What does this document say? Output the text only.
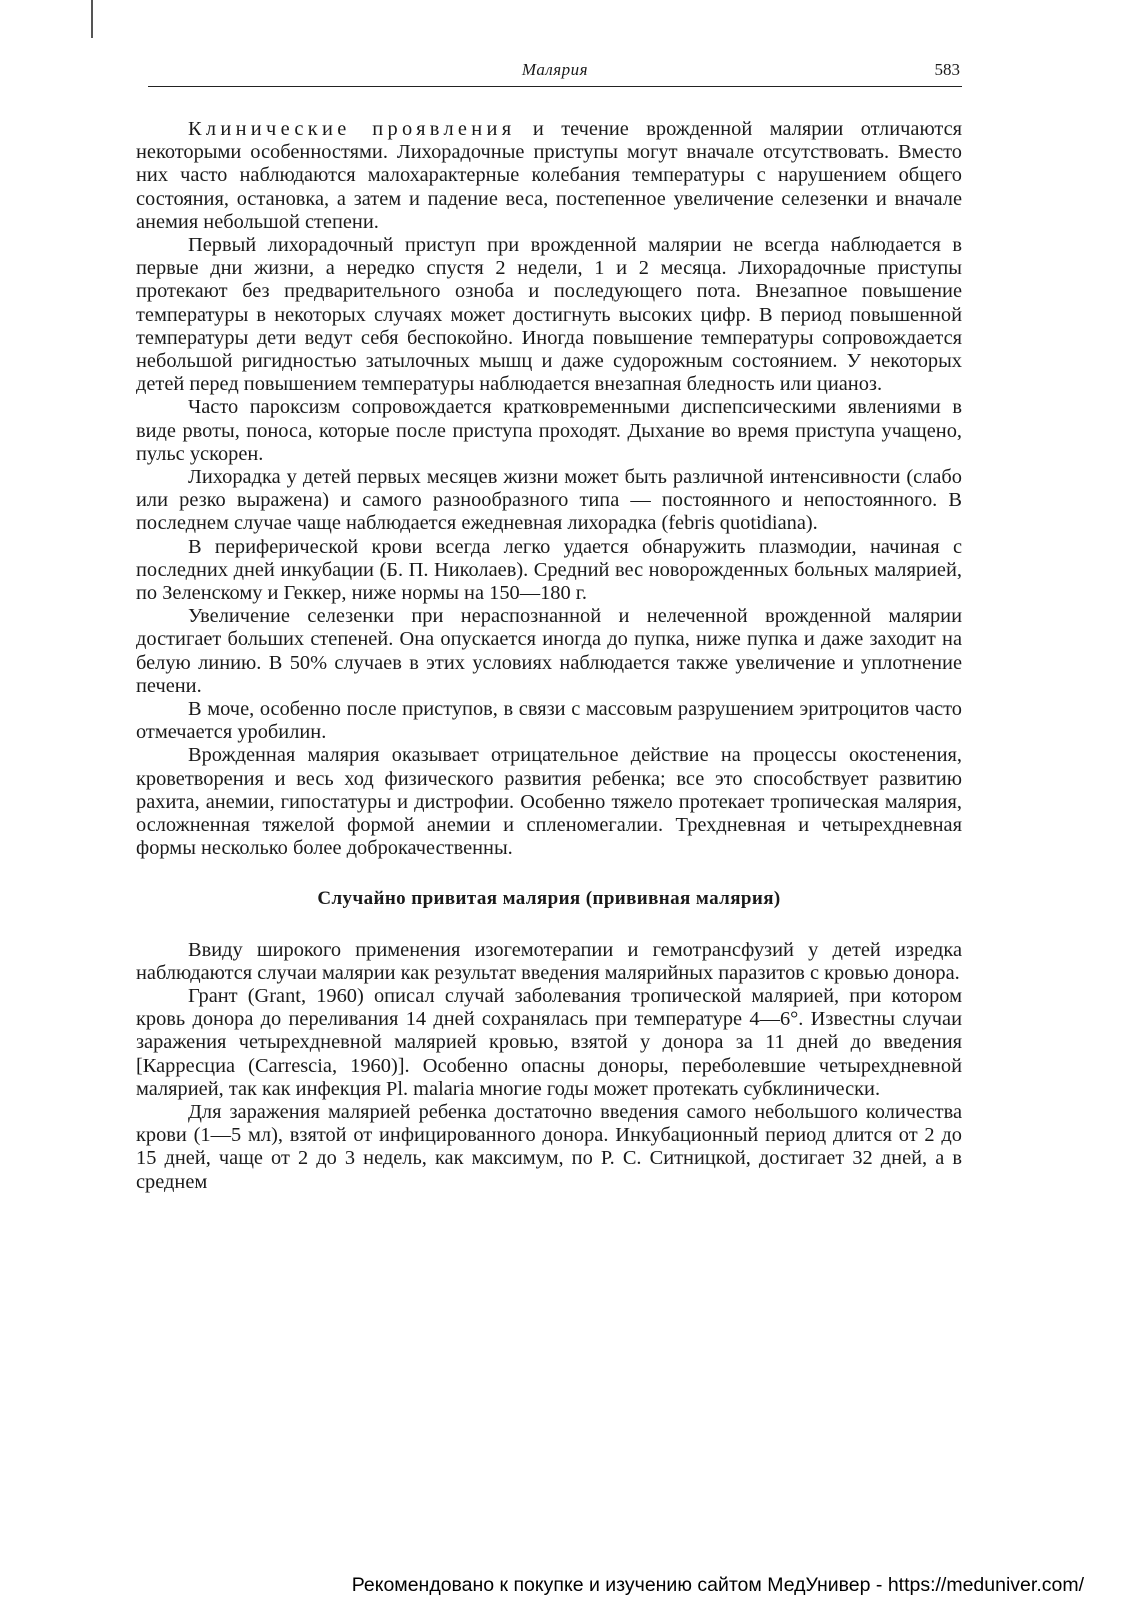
Малярия	583

Клинические проявления и течение врожденной малярии отличаются некоторыми особенностями. Лихорадочные приступы могут вначале отсутствовать. Вместо них часто наблюдаются малохарактерные колебания температуры с нарушением общего состояния, остановка, а затем и падение веса, постепенное увеличение селезенки и вначале анемия небольшой степени.

Первый лихорадочный приступ при врожденной малярии не всегда наблюдается в первые дни жизни, а нередко спустя 2 недели, 1 и 2 месяца. Лихорадочные приступы протекают без предварительного озноба и последующего пота. Внезапное повышение температуры в некоторых случаях может достигнуть высоких цифр. В период повышенной температуры дети ведут себя беспокойно. Иногда повышение температуры сопровождается небольшой ригидностью затылочных мышц и даже судорожным состоянием. У некоторых детей перед повышением температуры наблюдается внезапная бледность или цианоз.

Часто пароксизм сопровождается кратковременными диспепсическими явлениями в виде рвоты, поноса, которые после приступа проходят. Дыхание во время приступа учащено, пульс ускорен.

Лихорадка у детей первых месяцев жизни может быть различной интенсивности (слабо или резко выражена) и самого разнообразного типа — постоянного и непостоянного. В последнем случае чаще наблюдается ежедневная лихорадка (febris quotidiana).

В периферической крови всегда легко удается обнаружить плазмодии, начиная с последних дней инкубации (Б. П. Николаев). Средний вес новорожденных больных малярией, по Зеленскому и Геккер, ниже нормы на 150—180 г.

Увеличение селезенки при нераспознанной и нелеченной врожденной малярии достигает больших степеней. Она опускается иногда до пупка, ниже пупка и даже заходит на белую линию. В 50% случаев в этих условиях наблюдается также увеличение и уплотнение печени.

В моче, особенно после приступов, в связи с массовым разрушением эритроцитов часто отмечается уробилин.

Врожденная малярия оказывает отрицательное действие на процессы окостенения, кроветворения и весь ход физического развития ребенка; все это способствует развитию рахита, анемии, гипостатуры и дистрофии. Особенно тяжело протекает тропическая малярия, осложненная тяжелой формой анемии и спленомегалии. Трехдневная и четырехдневная формы несколько более доброкачественны.

Случайно привитая малярия (прививная малярия)

Ввиду широкого применения изогемотерапии и гемотрансфузий у детей изредка наблюдаются случаи малярии как результат введения малярийных паразитов с кровью донора.

Грант (Grant, 1960) описал случай заболевания тропической малярией, при котором кровь донора до переливания 14 дней сохранялась при температуре 4—6°. Известны случаи заражения четырехдневной малярией кровью, взятой у донора за 11 дней до введения [Карресциа (Carrescia, 1960)]. Особенно опасны доноры, переболевшие четырехдневной малярией, так как инфекция Pl. malaria многие годы может протекать субклинически.

Для заражения малярией ребенка достаточно введения самого небольшого количества крови (1—5 мл), взятой от инфицированного донора. Инкубационный период длится от 2 до 15 дней, чаще от 2 до 3 недель, как максимум, по Р. С. Ситницкой, достигает 32 дней, а в среднем

Рекомендовано к покупке и изучению сайтом МедУнивер - https://meduniver.com/
